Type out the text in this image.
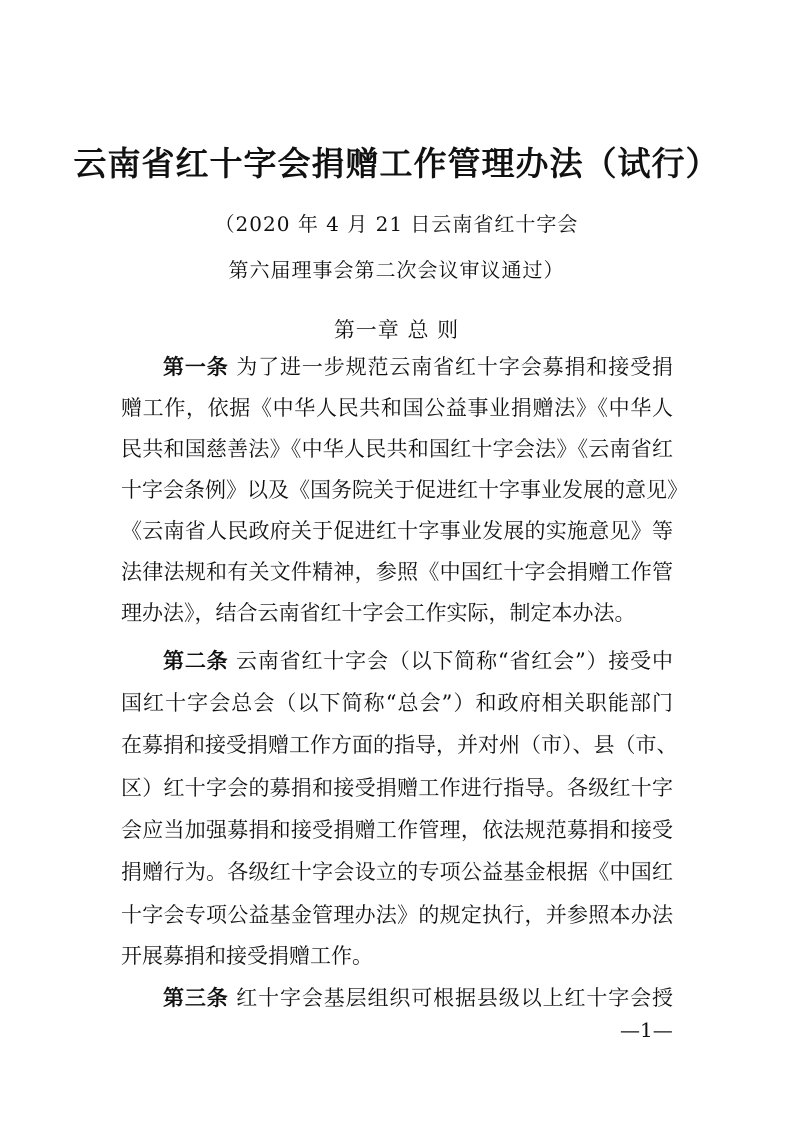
云南省红十字会捐赠工作管理办法（试行）
（2020 年 4 月 21 日云南省红十字会
第六届理事会第二次会议审议通过）
第一章 总 则
第一条 为了进一步规范云南省红十字会募捐和接受捐
赠工作，依据《中华人民共和国公益事业捐赠法》《中华人
民共和国慈善法》《中华人民共和国红十字会法》《云南省红
十字会条例》以及《国务院关于促进红十字事业发展的意见》
《云南省人民政府关于促进红十字事业发展的实施意见》等
法律法规和有关文件精神，参照《中国红十字会捐赠工作管
理办法》，结合云南省红十字会工作实际，制定本办法。
第二条 云南省红十字会（以下简称“省红会”）接受中
国红十字会总会（以下简称“总会”）和政府相关职能部门
在募捐和接受捐赠工作方面的指导，并对州（市）、县（市、
区）红十字会的募捐和接受捐赠工作进行指导。各级红十字
会应当加强募捐和接受捐赠工作管理，依法规范募捐和接受
捐赠行为。各级红十字会设立的专项公益基金根据《中国红
十字会专项公益基金管理办法》的规定执行，并参照本办法
开展募捐和接受捐赠工作。
第三条 红十字会基层组织可根据县级以上红十字会授
—1—
